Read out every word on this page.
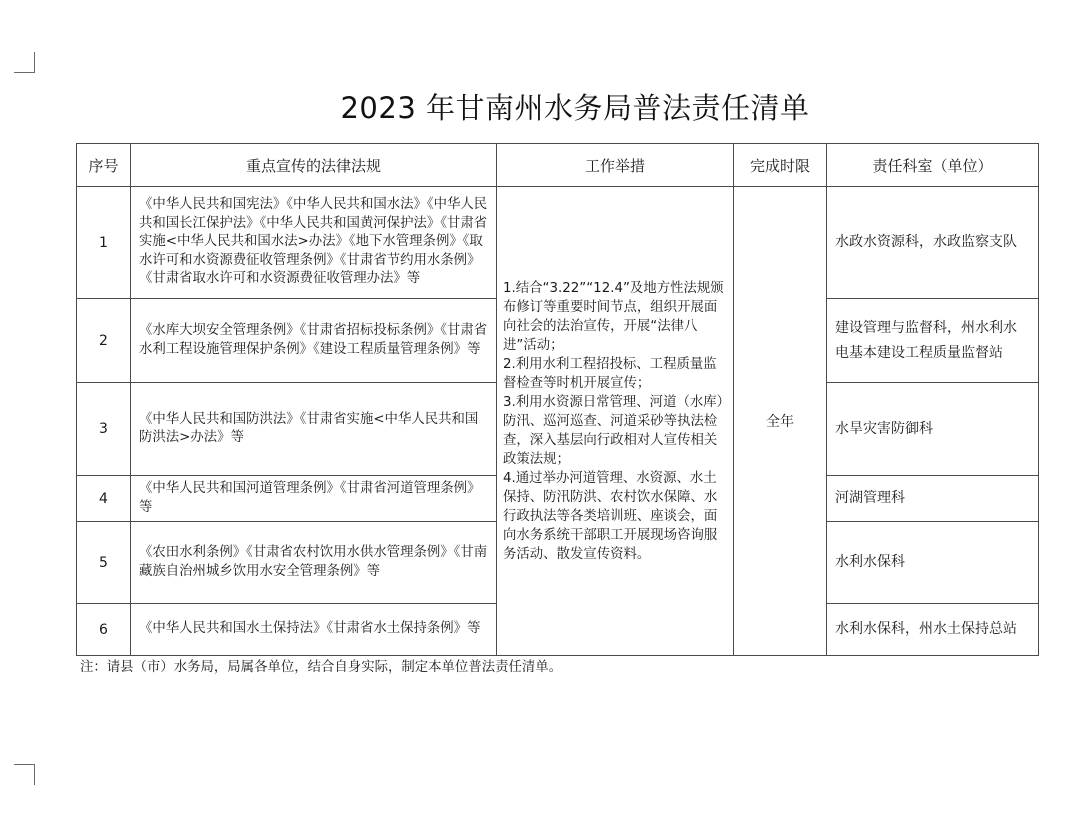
2023 年甘南州水务局普法责任清单
序号	重点宣传的法律法规	工作举措	完成时限	责任科室（单位）
1	《中华人民共和国宪法》《中华人民共和国水法》《中华人民共和国长江保护法》《中华人民共和国黄河保护法》《甘肃省实施<中华人民共和国水法>办法》《地下水管理条例》《取水许可和水资源费征收管理条例》《甘肃省节约用水条例》《甘肃省取水许可和水资源费征收管理办法》等	1.结合“3.22”“12.4”及地方性法规颁布修订等重要时间节点，组织开展面向社会的法治宣传，开展“法律八进”活动；
2.利用水利工程招投标、工程质量监督检查等时机开展宣传；
3.利用水资源日常管理、河道（水库）防汛、巡河巡查、河道采砂等执法检查，深入基层向行政相对人宣传相关政策法规；
4.通过举办河道管理、水资源、水土保持、防汛防洪、农村饮水保障、水行政执法等各类培训班、座谈会，面向水务系统干部职工开展现场咨询服务活动、散发宣传资料。	全年	水政水资源科，水政监察支队
2	《水库大坝安全管理条例》《甘肃省招标投标条例》《甘肃省水利工程设施管理保护条例》《建设工程质量管理条例》等			建设管理与监督科，州水利水电基本建设工程质量监督站
3	《中华人民共和国防洪法》《甘肃省实施<中华人民共和国防洪法>办法》等			水旱灾害防御科
4	《中华人民共和国河道管理条例》《甘肃省河道管理条例》等			河湖管理科
5	《农田水利条例》《甘肃省农村饮用水供水管理条例》《甘南藏族自治州城乡饮用水安全管理条例》等			水利水保科
6	《中华人民共和国水土保持法》《甘肃省水土保持条例》等			水利水保科，州水土保持总站
注：请县（市）水务局，局属各单位，结合自身实际，制定本单位普法责任清单。
